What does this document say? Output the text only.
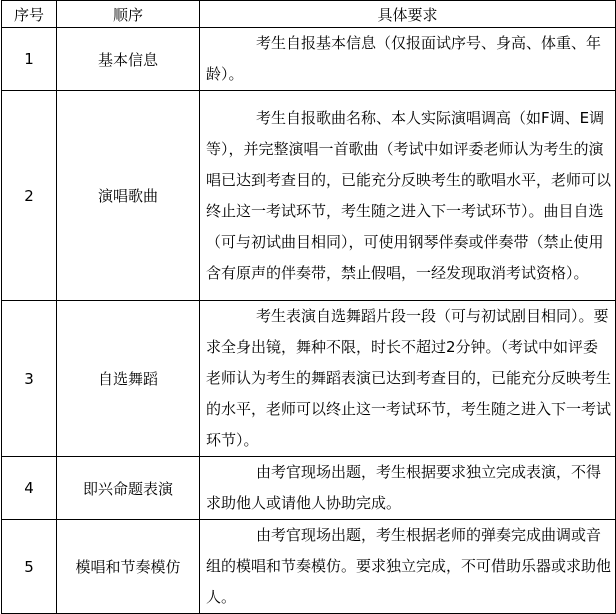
序号	顺序	具体要求
1	基本信息	考生自报基本信息（仅报面试序号、身高、体重、年龄）。
2	演唱歌曲	考生自报歌曲名称、本人实际演唱调高（如F调、E调等），并完整演唱一首歌曲（考试中如评委老师认为考生的演唱已达到考查目的，已能充分反映考生的歌唱水平，老师可以终止这一考试环节，考生随之进入下一考试环节）。曲目自选（可与初试曲目相同），可使用钢琴伴奏或伴奏带（禁止使用含有原声的伴奏带，禁止假唱，一经发现取消考试资格）。
3	自选舞蹈	考生表演自选舞蹈片段一段（可与初试剧目相同）。要求全身出镜，舞种不限，时长不超过2分钟。（考试中如评委老师认为考生的舞蹈表演已达到考查目的，已能充分反映考生的水平，老师可以终止这一考试环节，考生随之进入下一考试环节）。
4	即兴命题表演	由考官现场出题，考生根据要求独立完成表演，不得求助他人或请他人协助完成。
5	模唱和节奏模仿	由考官现场出题，考生根据老师的弹奏完成曲调或音组的模唱和节奏模仿。要求独立完成，不可借助乐器或求助他人。
